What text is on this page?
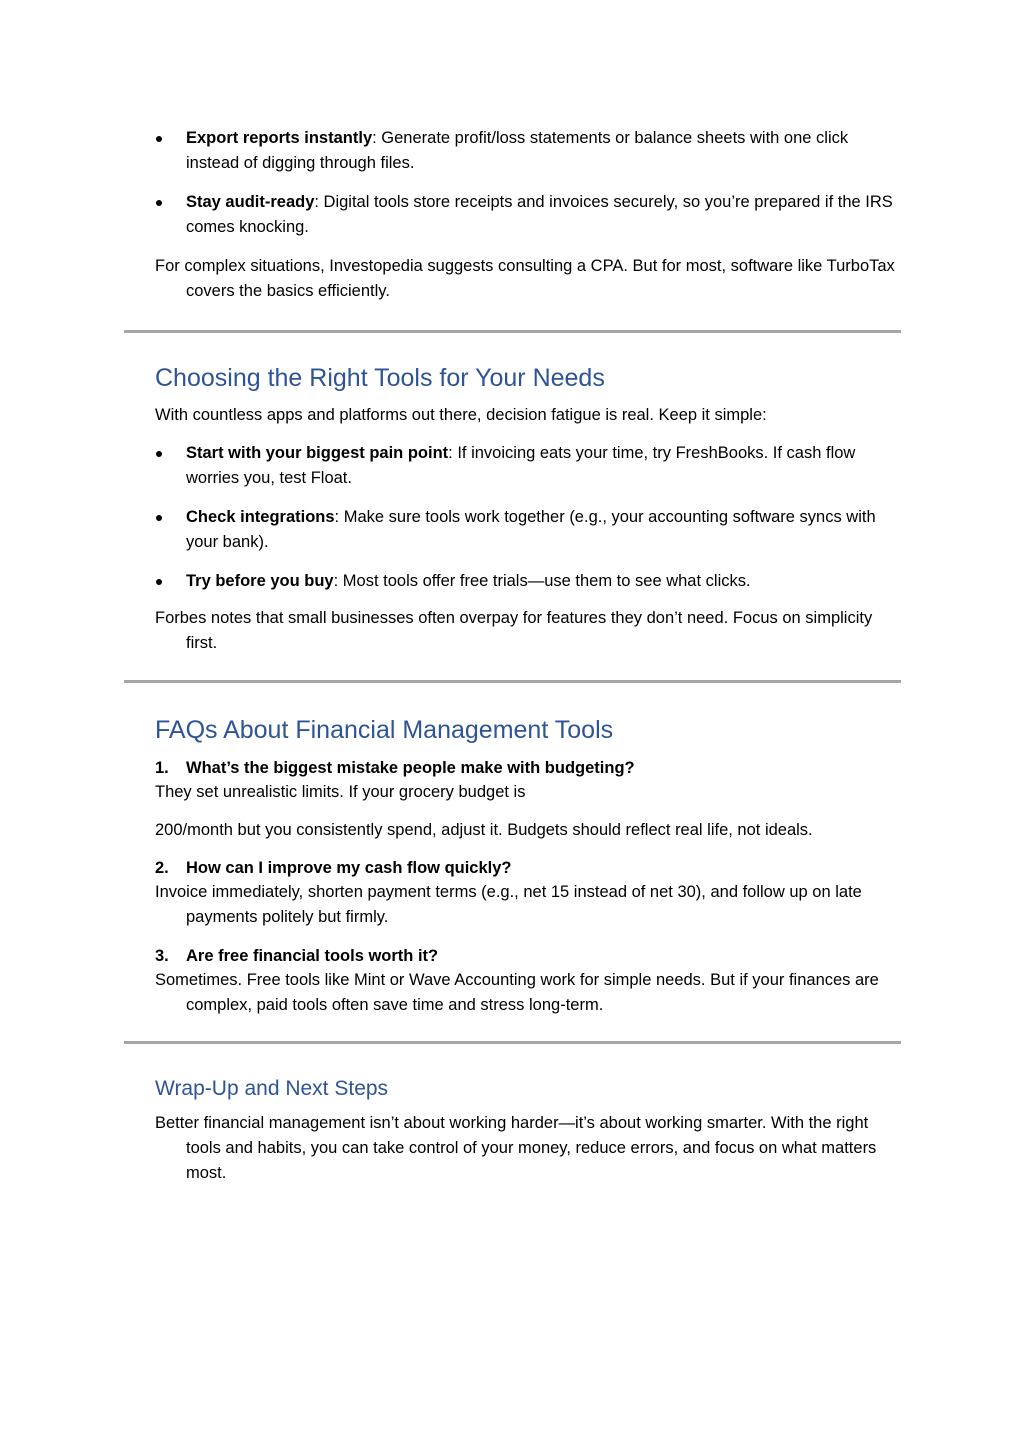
Export reports instantly: Generate profit/loss statements or balance sheets with one click instead of digging through files.
Stay audit-ready: Digital tools store receipts and invoices securely, so you’re prepared if the IRS comes knocking.
For complex situations, Investopedia suggests consulting a CPA. But for most, software like TurboTax covers the basics efficiently.
Choosing the Right Tools for Your Needs
With countless apps and platforms out there, decision fatigue is real. Keep it simple:
Start with your biggest pain point: If invoicing eats your time, try FreshBooks. If cash flow worries you, test Float.
Check integrations: Make sure tools work together (e.g., your accounting software syncs with your bank).
Try before you buy: Most tools offer free trials—use them to see what clicks.
Forbes notes that small businesses often overpay for features they don’t need. Focus on simplicity first.
FAQs About Financial Management Tools
1. What’s the biggest mistake people make with budgeting?
They set unrealistic limits. If your grocery budget is
200/month but you consistently spend, adjust it. Budgets should reflect real life, not ideals.
2. How can I improve my cash flow quickly?
Invoice immediately, shorten payment terms (e.g., net 15 instead of net 30), and follow up on late payments politely but firmly.
3. Are free financial tools worth it?
Sometimes. Free tools like Mint or Wave Accounting work for simple needs. But if your finances are complex, paid tools often save time and stress long-term.
Wrap-Up and Next Steps
Better financial management isn’t about working harder—it’s about working smarter. With the right tools and habits, you can take control of your money, reduce errors, and focus on what matters most.
